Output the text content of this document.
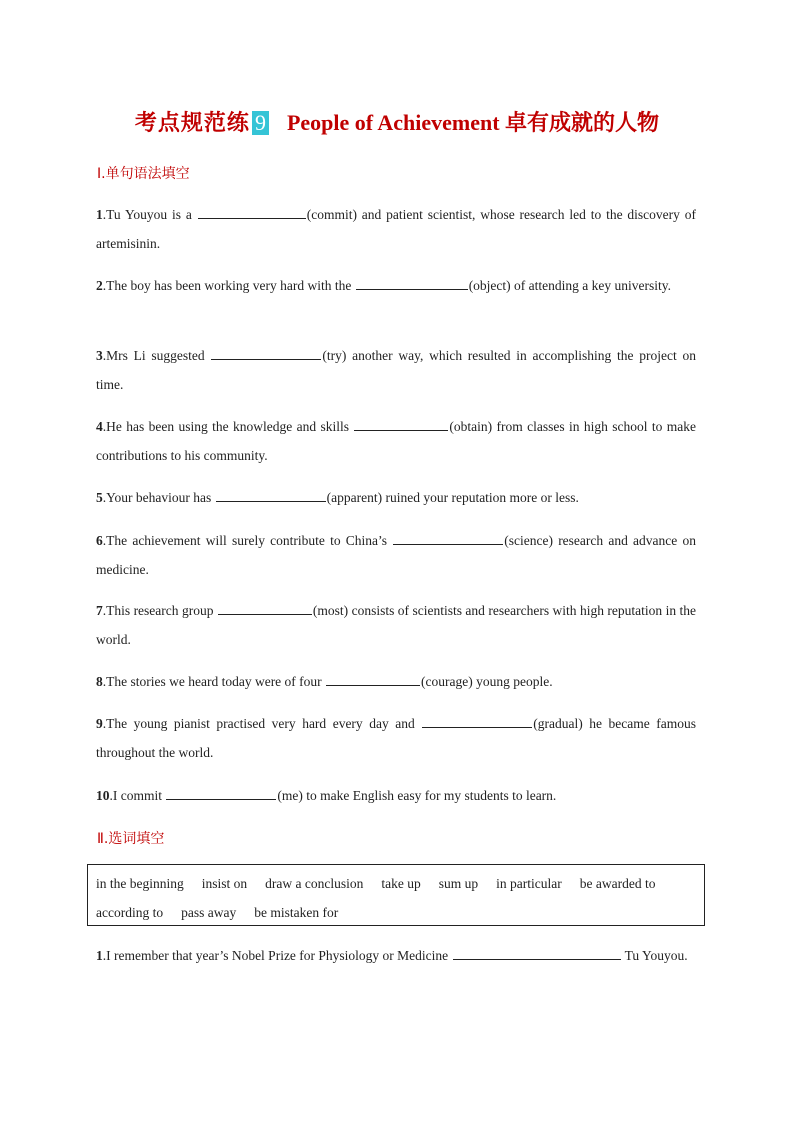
考点规范练 9 People of Achievement 卓有成就的人物
Ⅰ.单句语法填空
1.Tu Youyou is a	(commit) and patient scientist, whose research led to the discovery of artemisinin.
2.The boy has been working very hard with the	(object) of attending a key university.
3.Mrs Li suggested	(try) another way, which resulted in accomplishing the project on time.
4.He has been using the knowledge and skills	(obtain) from classes in high school to make contributions to his community.
5.Your behaviour has	(apparent) ruined your reputation more or less.
6.The achievement will surely contribute to China’s	(science) research and advance on medicine.
7.This research group	(most) consists of scientists and researchers with high reputation in the world.
8.The stories we heard today were of four	(courage) young people.
9.The young pianist practised very hard every day and	(gradual) he became famous throughout the world.
10.I commit	(me) to make English easy for my students to learn.
Ⅱ.选词填空
in the beginning insist on draw a conclusion take up sum up in particular be awarded to
according to pass away be mistaken for
1.I remember that year’s Nobel Prize for Physiology or Medicine	Tu Youyou.
